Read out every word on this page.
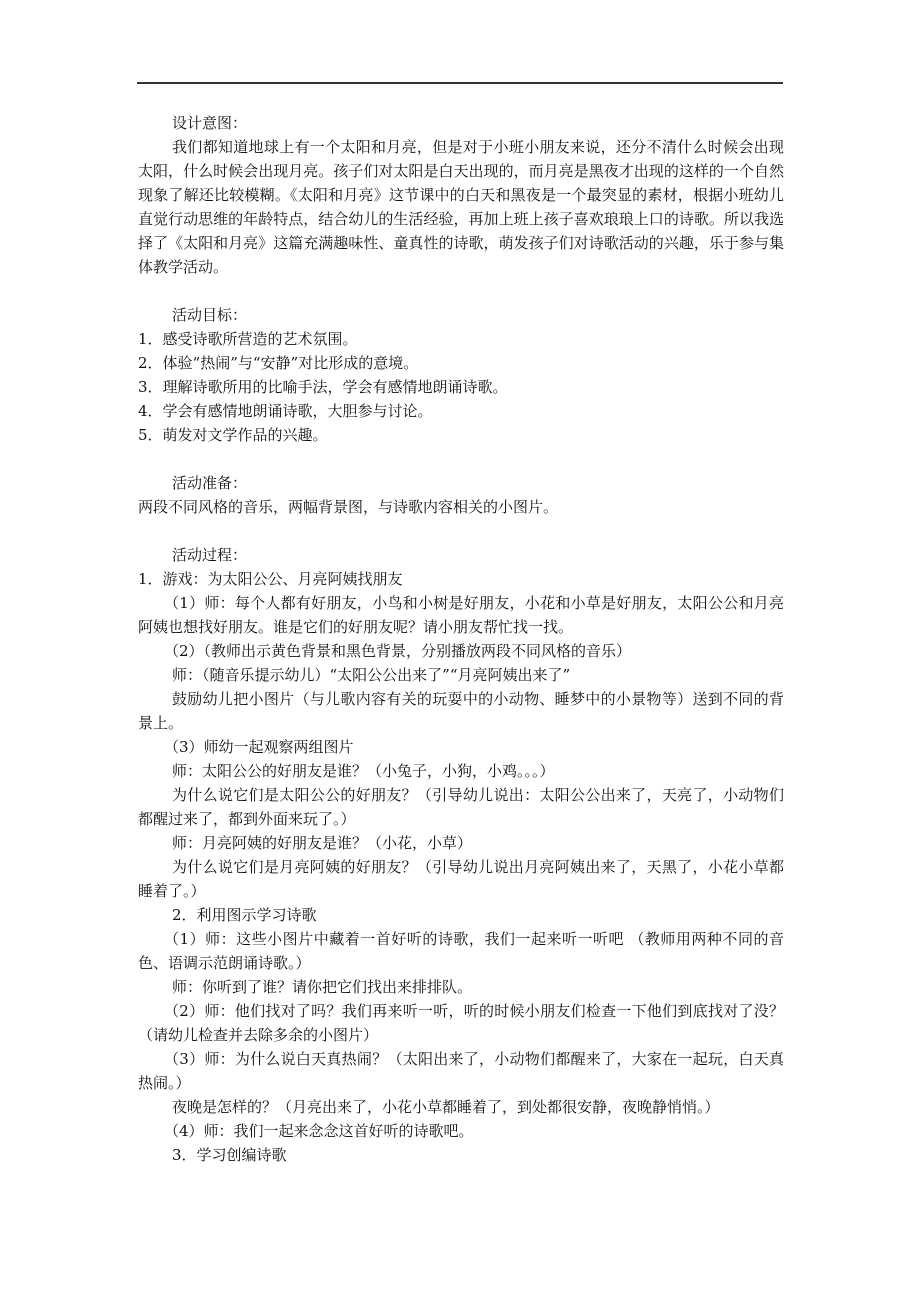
设计意图：

我们都知道地球上有一个太阳和月亮，但是对于小班小朋友来说，还分不清什么时候会出现太阳，什么时候会出现月亮。孩子们对太阳是白天出现的，而月亮是黑夜才出现的这样的一个自然现象了解还比较模糊。《太阳和月亮》这节课中的白天和黑夜是一个最突显的素材，根据小班幼儿直觉行动思维的年龄特点，结合幼儿的生活经验，再加上班上孩子喜欢琅琅上口的诗歌。所以我选择了《太阳和月亮》这篇充满趣味性、童真性的诗歌，萌发孩子们对诗歌活动的兴趣，乐于参与集体教学活动。

活动目标：

1．感受诗歌所营造的艺术氛围。

2．体验“热闹”与“安静”对比形成的意境。

3．理解诗歌所用的比喻手法，学会有感情地朗诵诗歌。

4．学会有感情地朗诵诗歌，大胆参与讨论。

5．萌发对文学作品的兴趣。

活动准备：

两段不同风格的音乐，两幅背景图，与诗歌内容相关的小图片。

活动过程：

1．游戏：为太阳公公、月亮阿姨找朋友

（1）师：每个人都有好朋友，小鸟和小树是好朋友，小花和小草是好朋友，太阳公公和月亮阿姨也想找好朋友。谁是它们的好朋友呢？请小朋友帮忙找一找。

（2）（教师出示黄色背景和黑色背景，分别播放两段不同风格的音乐）

师：（随音乐提示幼儿）“太阳公公出来了”“月亮阿姨出来了”

鼓励幼儿把小图片（与儿歌内容有关的玩耍中的小动物、睡梦中的小景物等）送到不同的背景上。

（3）师幼一起观察两组图片

师：太阳公公的好朋友是谁？（小兔子，小狗，小鸡。。。）

为什么说它们是太阳公公的好朋友？（引导幼儿说出：太阳公公出来了，天亮了，小动物们都醒过来了，都到外面来玩了。）

师：月亮阿姨的好朋友是谁？（小花，小草）

为什么说它们是月亮阿姨的好朋友？（引导幼儿说出月亮阿姨出来了，天黑了，小花小草都睡着了。）

2．利用图示学习诗歌

（1）师：这些小图片中藏着一首好听的诗歌，我们一起来听一听吧 （教师用两种不同的音色、语调示范朗诵诗歌。）

师：你听到了谁？请你把它们找出来排排队。

（2）师：他们找对了吗？我们再来听一听，听的时候小朋友们检查一下他们到底找对了没？（请幼儿检查并去除多余的小图片）

（3）师：为什么说白天真热闹？（太阳出来了，小动物们都醒来了，大家在一起玩，白天真热闹。）

夜晚是怎样的？（月亮出来了，小花小草都睡着了，到处都很安静，夜晚静悄悄。）

（4）师：我们一起来念念这首好听的诗歌吧。

3．学习创编诗歌
